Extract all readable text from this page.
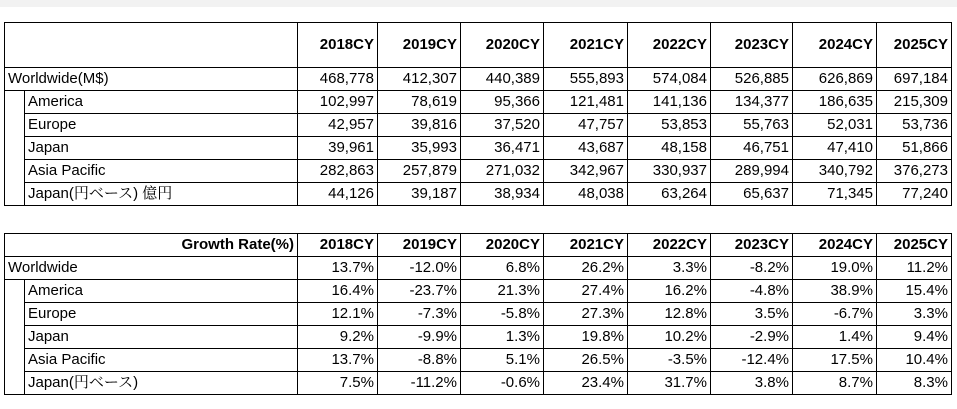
		2018CY	2019CY	2020CY	2021CY	2022CY	2023CY	2024CY	2025CY
Worldwide(M$)		468,778	412,307	440,389	555,893	574,084	526,885	626,869	697,184
	America	102,997	78,619	95,366	121,481	141,136	134,377	186,635	215,309
	Europe	42,957	39,816	37,520	47,757	53,853	55,763	52,031	53,736
	Japan	39,961	35,993	36,471	43,687	48,158	46,751	47,410	51,866
	Asia Pacific	282,863	257,879	271,032	342,967	330,937	289,994	340,792	376,273
	Japan(円ベース) 億円	44,126	39,187	38,934	48,038	63,264	65,637	71,345	77,240
Growth Rate(%)		2018CY	2019CY	2020CY	2021CY	2022CY	2023CY	2024CY	2025CY
Worldwide		13.7%	-12.0%	6.8%	26.2%	3.3%	-8.2%	19.0%	11.2%
	America	16.4%	-23.7%	21.3%	27.4%	16.2%	-4.8%	38.9%	15.4%
	Europe	12.1%	-7.3%	-5.8%	27.3%	12.8%	3.5%	-6.7%	3.3%
	Japan	9.2%	-9.9%	1.3%	19.8%	10.2%	-2.9%	1.4%	9.4%
	Asia Pacific	13.7%	-8.8%	5.1%	26.5%	-3.5%	-12.4%	17.5%	10.4%
	Japan(円ベース)	7.5%	-11.2%	-0.6%	23.4%	31.7%	3.8%	8.7%	8.3%
